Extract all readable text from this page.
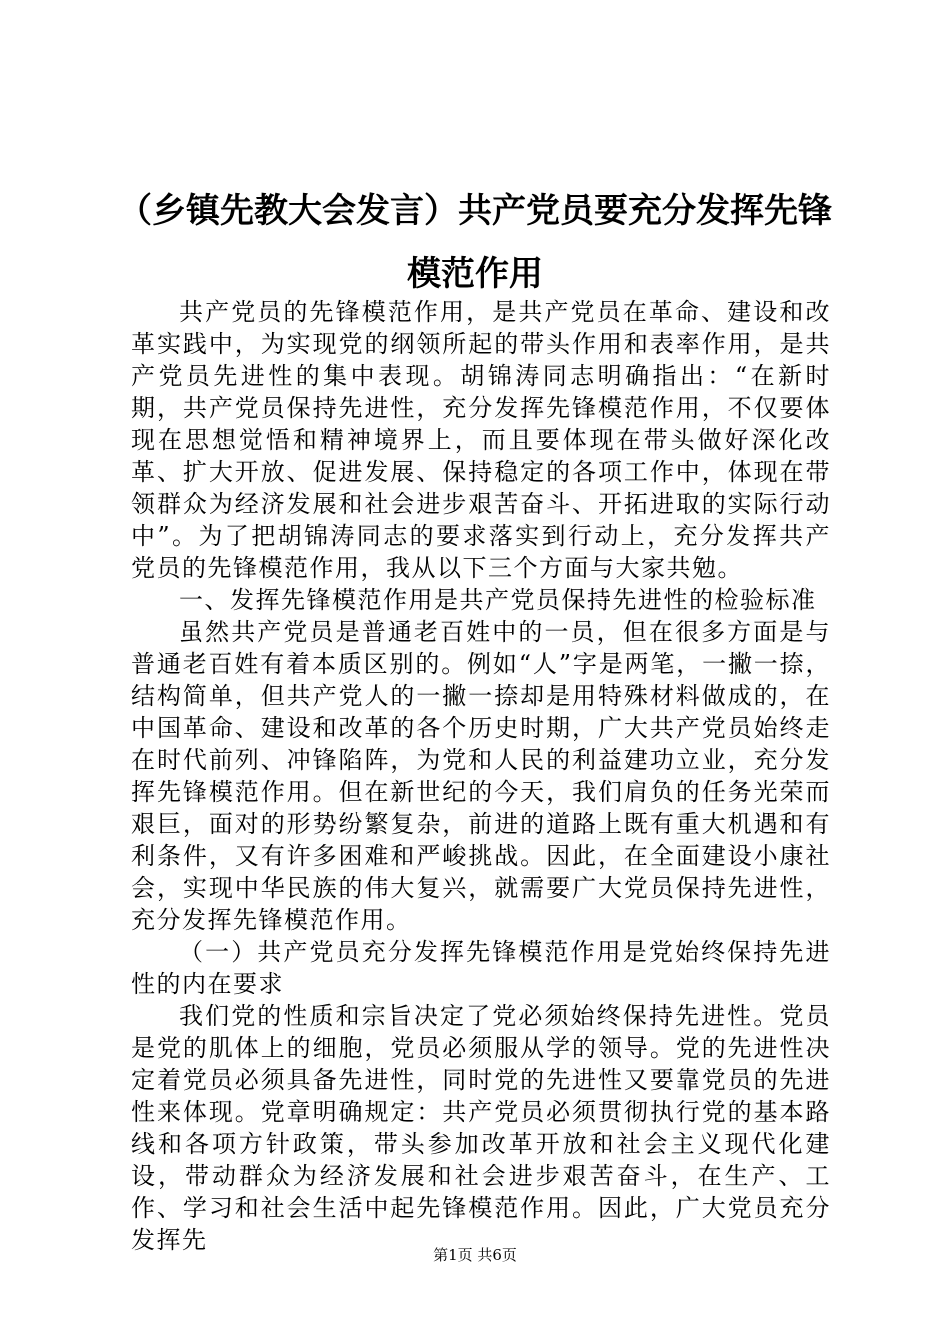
（乡镇先教大会发言）共产党员要充分发挥先锋模范作用

共产党员的先锋模范作用，是共产党员在革命、建设和改革实践中，为实现党的纲领所起的带头作用和表率作用，是共产党员先进性的集中表现。胡锦涛同志明确指出：“在新时期，共产党员保持先进性，充分发挥先锋模范作用，不仅要体现在思想觉悟和精神境界上，而且要体现在带头做好深化改革、扩大开放、促进发展、保持稳定的各项工作中，体现在带领群众为经济发展和社会进步艰苦奋斗、开拓进取的实际行动中”。为了把胡锦涛同志的要求落实到行动上，充分发挥共产党员的先锋模范作用，我从以下三个方面与大家共勉。

一、发挥先锋模范作用是共产党员保持先进性的检验标准

虽然共产党员是普通老百姓中的一员，但在很多方面是与普通老百姓有着本质区别的。例如“人”字是两笔，一撇一捺，结构简单，但共产党人的一撇一捺却是用特殊材料做成的，在中国革命、建设和改革的各个历史时期，广大共产党员始终走在时代前列、冲锋陷阵，为党和人民的利益建功立业，充分发挥先锋模范作用。但在新世纪的今天，我们肩负的任务光荣而艰巨，面对的形势纷繁复杂，前进的道路上既有重大机遇和有利条件，又有许多困难和严峻挑战。因此，在全面建设小康社会，实现中华民族的伟大复兴，就需要广大党员保持先进性，充分发挥先锋模范作用。

（一）共产党员充分发挥先锋模范作用是党始终保持先进性的内在要求

我们党的性质和宗旨决定了党必须始终保持先进性。党员是党的肌体上的细胞，党员必须服从学的领导。党的先进性决定着党员必须具备先进性，同时党的先进性又要靠党员的先进性来体现。党章明确规定：共产党员必须贯彻执行党的基本路线和各项方针政策，带头参加改革开放和社会主义现代化建设，带动群众为经济发展和社会进步艰苦奋斗，在生产、工作、学习和社会生活中起先锋模范作用。因此，广大党员充分发挥先

第1页 共6页
